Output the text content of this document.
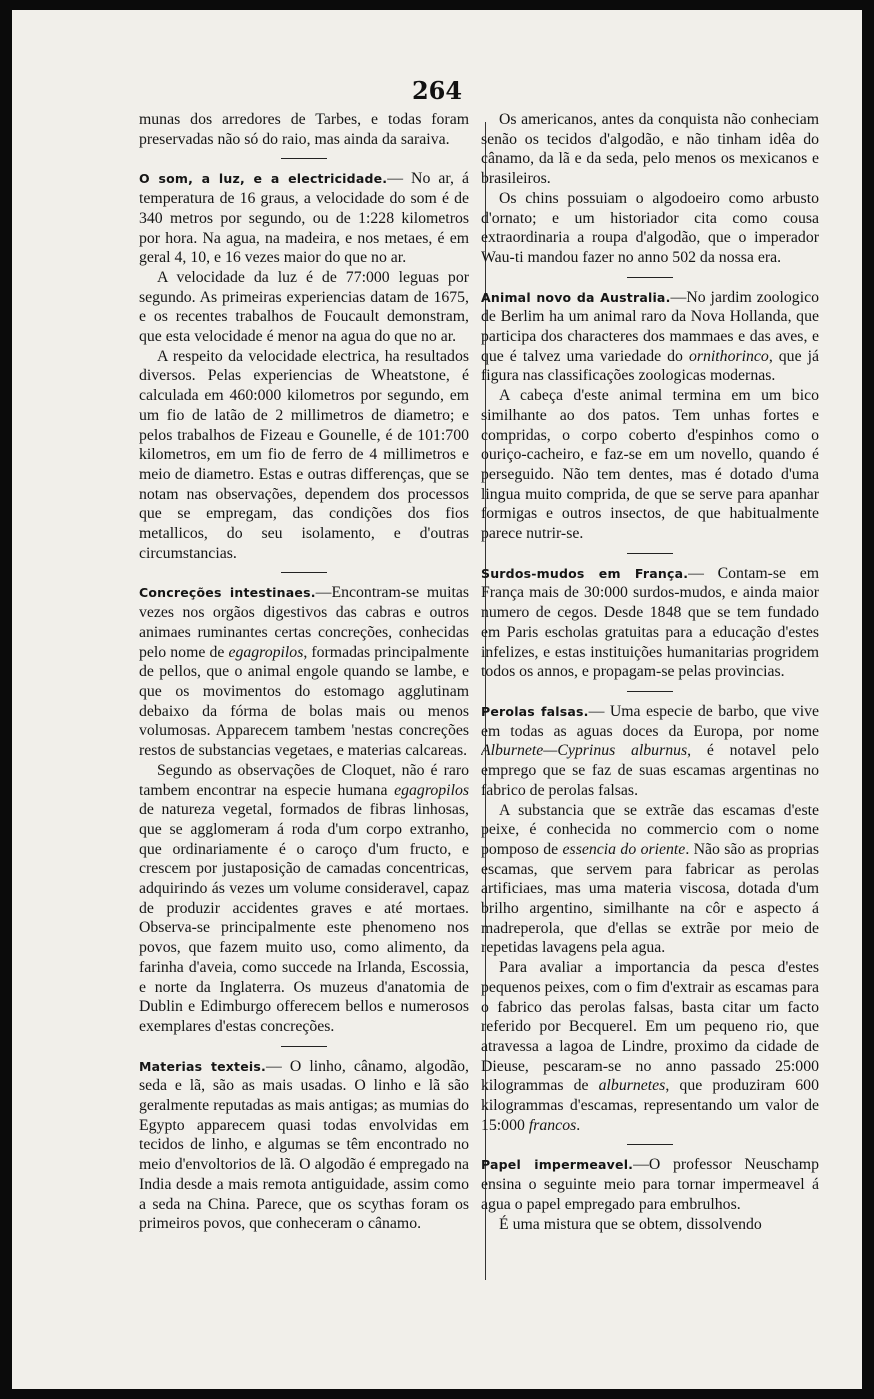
264

munas dos arredores de Tarbes, e todas foram preservadas não só do raio, mas ainda da saraiva.

O som, a luz, e a electricidade.— No ar, á temperatura de 16 graus, a velocidade do som é de 340 metros por segundo, ou de 1:228 kilometros por hora. Na agua, na madeira, e nos metaes, é em geral 4, 10, e 16 vezes maior do que no ar.

A velocidade da luz é de 77:000 leguas por segundo. As primeiras experiencias datam de 1675, e os recentes trabalhos de Foucault demonstram, que esta velocidade é menor na agua do que no ar.

A respeito da velocidade electrica, ha resultados diversos. Pelas experiencias de Wheatstone, é calculada em 460:000 kilometros por segundo, em um fio de latão de 2 millimetros de diametro; e pelos trabalhos de Fizeau e Gounelle, é de 101:700 kilometros, em um fio de ferro de 4 millimetros e meio de diametro. Estas e outras differenças, que se notam nas observações, dependem dos processos que se empregam, das condições dos fios metallicos, do seu isolamento, e d'outras circumstancias.

Concreções intestinaes.—Encontram-se muitas vezes nos orgãos digestivos das cabras e outros animaes ruminantes certas concreções, conhecidas pelo nome de egagropilos, formadas principalmente de pellos, que o animal engole quando se lambe, e que os movimentos do estomago agglutinam debaixo da fórma de bolas mais ou menos volumosas. Apparecem tambem 'nestas concreções restos de substancias vegetaes, e materias calcareas.

Segundo as observações de Cloquet, não é raro tambem encontrar na especie humana egagropilos de natureza vegetal, formados de fibras linhosas, que se agglomeram á roda d'um corpo extranho, que ordinariamente é o caroço d'um fructo, e crescem por justaposição de camadas concentricas, adquirindo ás vezes um volume consideravel, capaz de produzir accidentes graves e até mortaes. Observa-se principalmente este phenomeno nos povos, que fazem muito uso, como alimento, da farinha d'aveia, como succede na Irlanda, Escossia, e norte da Inglaterra. Os muzeus d'anatomia de Dublin e Edimburgo offerecem bellos e numerosos exemplares d'estas concreções.

Materias texteis.— O linho, cânamo, algodão, seda e lã, são as mais usadas. O linho e lã são geralmente reputadas as mais antigas; as mumias do Egypto apparecem quasi todas envolvidas em tecidos de linho, e algumas se têm encontrado no meio d'envoltorios de lã. O algodão é empregado na India desde a mais remota antiguidade, assim como a seda na China. Parece, que os scythas foram os primeiros povos, que conheceram o cânamo.

Os americanos, antes da conquista não conheciam senão os tecidos d'algodão, e não tinham idêa do cânamo, da lã e da seda, pelo menos os mexicanos e brasileiros.

Os chins possuiam o algodoeiro como arbusto d'ornato; e um historiador cita como cousa extraordinaria a roupa d'algodão, que o imperador Wau-ti mandou fazer no anno 502 da nossa era.

Animal novo da Australia.—No jardim zoologico de Berlim ha um animal raro da Nova Hollanda, que participa dos characteres dos mammaes e das aves, e que é talvez uma variedade do ornithorinco, que já figura nas classificações zoologicas modernas.

A cabeça d'este animal termina em um bico similhante ao dos patos. Tem unhas fortes e compridas, o corpo coberto d'espinhos como o ouriço-cacheiro, e faz-se em um novello, quando é perseguido. Não tem dentes, mas é dotado d'uma lingua muito comprida, de que se serve para apanhar formigas e outros insectos, de que habitualmente parece nutrir-se.

Surdos-mudos em França.— Contam-se em França mais de 30:000 surdos-mudos, e ainda maior numero de cegos. Desde 1848 que se tem fundado em Paris escholas gratuitas para a educação d'estes infelizes, e estas instituições humanitarias progridem todos os annos, e propagam-se pelas provincias.

Perolas falsas.— Uma especie de barbo, que vive em todas as aguas doces da Europa, por nome Alburnete—Cyprinus alburnus, é notavel pelo emprego que se faz de suas escamas argentinas no fabrico de perolas falsas.

A substancia que se extrãe das escamas d'este peixe, é conhecida no commercio com o nome pomposo de essencia do oriente. Não são as proprias escamas, que servem para fabricar as perolas artificiaes, mas uma materia viscosa, dotada d'um brilho argentino, similhante na côr e aspecto á madreperola, que d'ellas se extrãe por meio de repetidas lavagens pela agua.

Para avaliar a importancia da pesca d'estes pequenos peixes, com o fim d'extrair as escamas para o fabrico das perolas falsas, basta citar um facto referido por Becquerel. Em um pequeno rio, que atravessa a lagoa de Lindre, proximo da cidade de Dieuse, pescaram-se no anno passado 25:000 kilogrammas de alburnetes, que produziram 600 kilogrammas d'escamas, representando um valor de 15:000 francos.

Papel impermeavel.—O professor Neuschamp ensina o seguinte meio para tornar impermeavel á agua o papel empregado para embrulhos.

É uma mistura que se obtem, dissolvendo
